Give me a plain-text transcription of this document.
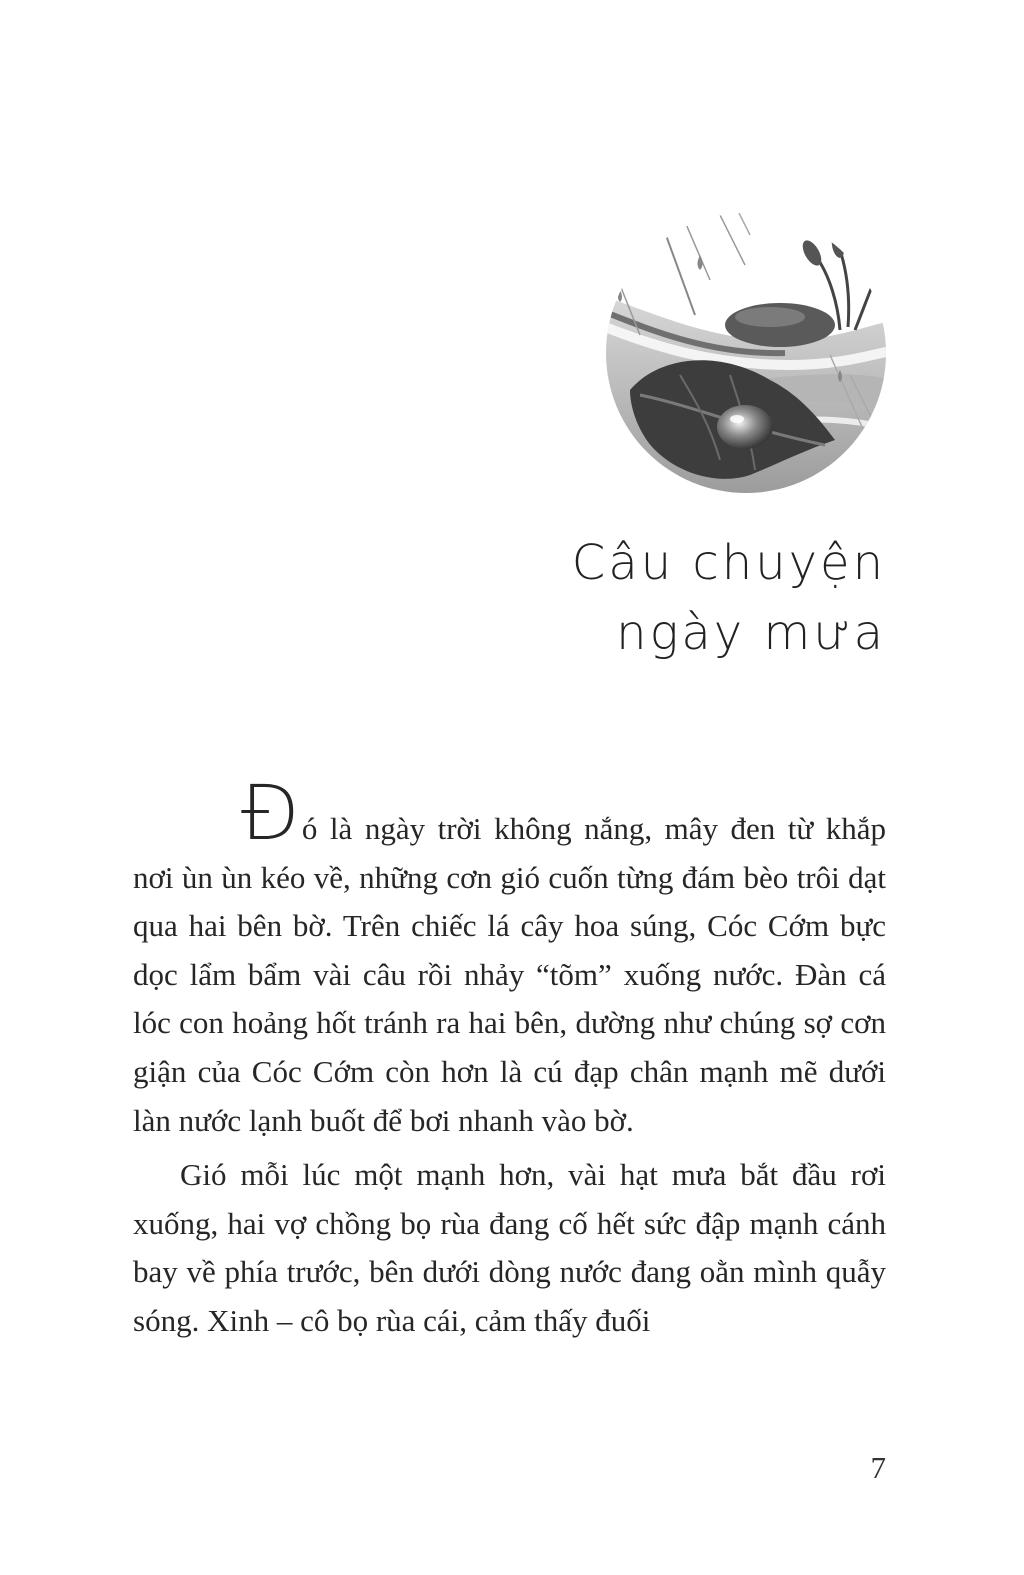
Câu chuyện
ngày mưa

Đó là ngày trời không nắng, mây đen từ khắp nơi ùn ùn kéo về, những cơn gió cuốn từng đám bèo trôi dạt qua hai bên bờ. Trên chiếc lá cây hoa súng, Cóc Cớm bực dọc lẩm bẩm vài câu rồi nhảy “tõm” xuống nước. Đàn cá lóc con hoảng hốt tránh ra hai bên, dường như chúng sợ cơn giận của Cóc Cớm còn hơn là cú đạp chân mạnh mẽ dưới làn nước lạnh buốt để bơi nhanh vào bờ.

Gió mỗi lúc một mạnh hơn, vài hạt mưa bắt đầu rơi xuống, hai vợ chồng bọ rùa đang cố hết sức đập mạnh cánh bay về phía trước, bên dưới dòng nước đang oằn mình quẫy sóng. Xinh – cô bọ rùa cái, cảm thấy đuối

7
